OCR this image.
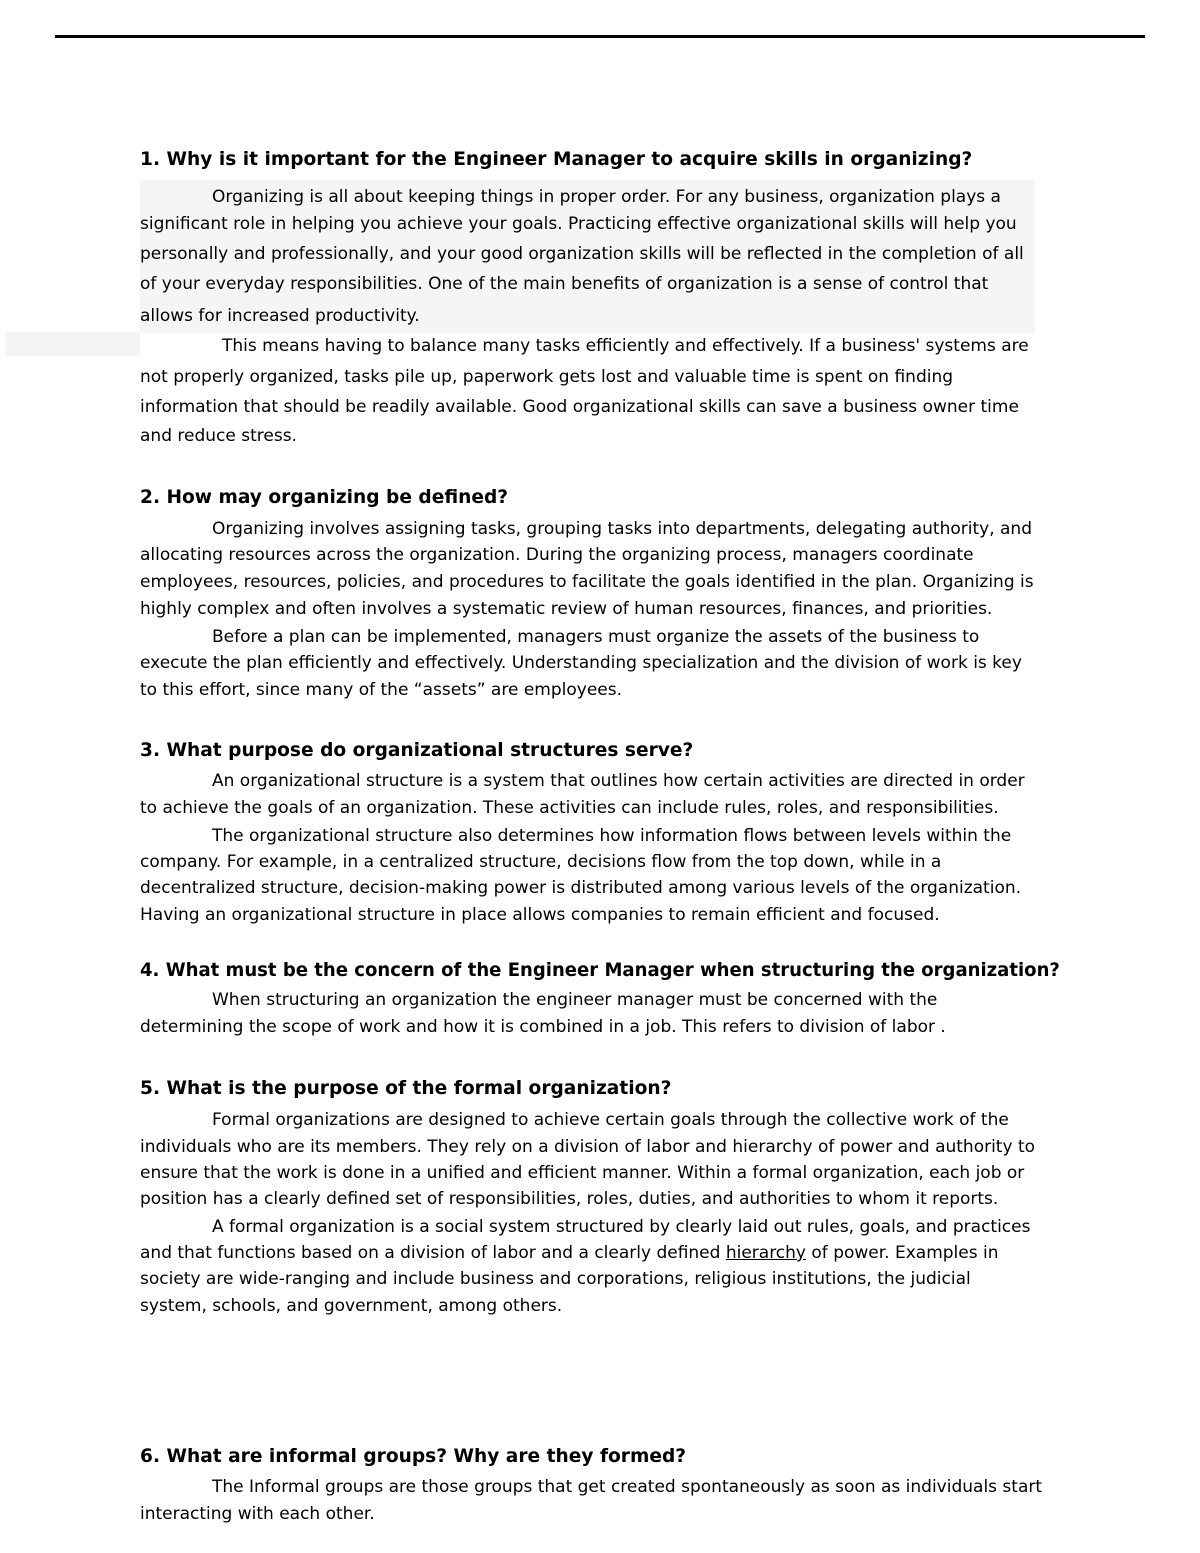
1. Why is it important for the Engineer Manager to acquire skills in organizing?
Organizing is all about keeping things in proper order. For any business, organization plays a
significant role in helping you achieve your goals. Practicing effective organizational skills will help you
personally and professionally, and your good organization skills will be reflected in the completion of all
of your everyday responsibilities. One of the main benefits of organization is a sense of control that
allows for increased productivity.
This means having to balance many tasks efficiently and effectively. If a business' systems are
not properly organized, tasks pile up, paperwork gets lost and valuable time is spent on finding
information that should be readily available. Good organizational skills can save a business owner time
and reduce stress.
2. How may organizing be defined?
Organizing involves assigning tasks, grouping tasks into departments, delegating authority, and
allocating resources across the organization. During the organizing process, managers coordinate
employees, resources, policies, and procedures to facilitate the goals identified in the plan. Organizing is
highly complex and often involves a systematic review of human resources, finances, and priorities.
Before a plan can be implemented, managers must organize the assets of the business to
execute the plan efficiently and effectively. Understanding specialization and the division of work is key
to this effort, since many of the “assets” are employees.
3. What purpose do organizational structures serve?
An organizational structure is a system that outlines how certain activities are directed in order
to achieve the goals of an organization. These activities can include rules, roles, and responsibilities.
The organizational structure also determines how information flows between levels within the
company. For example, in a centralized structure, decisions flow from the top down, while in a
decentralized structure, decision-making power is distributed among various levels of the organization.
Having an organizational structure in place allows companies to remain efficient and focused.
4. What must be the concern of the Engineer Manager when structuring the organization?
When structuring an organization the engineer manager must be concerned with the
determining the scope of work and how it is combined in a job. This refers to division of labor .
5. What is the purpose of the formal organization?
Formal organizations are designed to achieve certain goals through the collective work of the
individuals who are its members. They rely on a division of labor and hierarchy of power and authority to
ensure that the work is done in a unified and efficient manner. Within a formal organization, each job or
position has a clearly defined set of responsibilities, roles, duties, and authorities to whom it reports.
A formal organization is a social system structured by clearly laid out rules, goals, and practices
and that functions based on a division of labor and a clearly defined hierarchy of power. Examples in
society are wide-ranging and include business and corporations, religious institutions, the judicial
system, schools, and government, among others.
6. What are informal groups? Why are they formed?
The Informal groups are those groups that get created spontaneously as soon as individuals start
interacting with each other.
